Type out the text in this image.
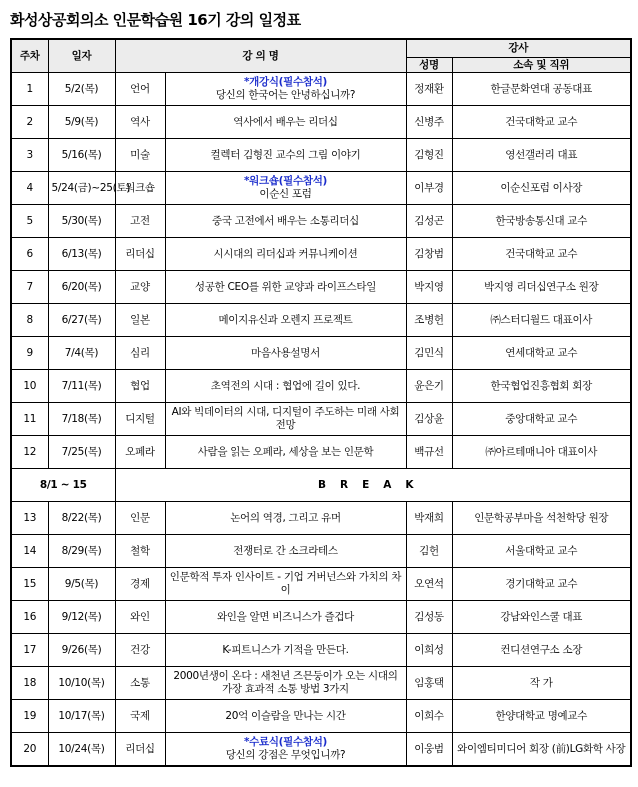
화성상공회의소 인문학습원 16기 강의 일정표
주차	일자	강 의 명		강사	
				성명	소속 및 직위
1	5/2(목)	언어	*개강식(필수참석)
당신의 한국어는 안녕하십니까?	정재환	한글문화연대 공동대표
2	5/9(목)	역사	역사에서 배우는 리더십	신병주	건국대학교 교수
3	5/16(목)	미술	컬렉터 김형진 교수의 그림 이야기	김형진	영선갤러리 대표
4	5/24(금)~25(토)	워크숍	*워크숍(필수참석)
이순신 포럼	이부경	이순신포럼 이사장
5	5/30(목)	고전	중국 고전에서 배우는 소통리더십	김성곤	한국방송통신대 교수
6	6/13(목)	리더십	시시대의 리더십과 커뮤니케이션	김창범	건국대학교 교수
7	6/20(목)	교양	성공한 CEO를 위한 교양과 라이프스타일	박지영	박지영 리더십연구소 원장
8	6/27(목)	일본	메이지유신과 오렌지 프로젝트	조병헌	㈜스터디월드 대표이사
9	7/4(목)	심리	마음사용설명서	김민식	연세대학교 교수
10	7/11(목)	협업	초역전의 시대 : 협업에 길이 있다.	윤은기	한국협업진흥협회 회장
11	7/18(목)	디지털	AI와 빅데이터의 시대, 디지털이 주도하는 미래 사회 전망	김상윤	중앙대학교 교수
12	7/25(목)	오페라	사람을 읽는 오페라, 세상을 보는 인문학	백규선	㈜아르테매니아 대표이사
8/1 ~ 15		BREAK			
13	8/22(목)	인문	논어의 역경, 그리고 유머	박재희	인문학공부마을 석천학당 원장
14	8/29(목)	철학	전쟁터로 간 소크라테스	김헌	서울대학교 교수
15	9/5(목)	경제	인문학적 투자 인사이트 - 기업 거버넌스와 가치의 차이	오연석	경기대학교 교수
16	9/12(목)	와인	와인을 알면 비즈니스가 즐겁다	김성동	강남와인스쿨 대표
17	9/26(목)	건강	K-피트니스가 기적을 만든다.	이희성	컨디션연구소 소장
18	10/10(목)	소통	2000년생이 온다 : 새천년 즈믄둥이가 오는 시대의 가장 효과적 소통 방법 3가지	임홍택	작 가
19	10/17(목)	국제	20억 이슬람을 만나는 시간	이희수	한양대학교 명예교수
20	10/24(목)	리더십	*수료식(필수참석)
당신의 강점은 무엇입니까?	이웅범	와이엠티미디어 회장 (前)LG화학 사장
